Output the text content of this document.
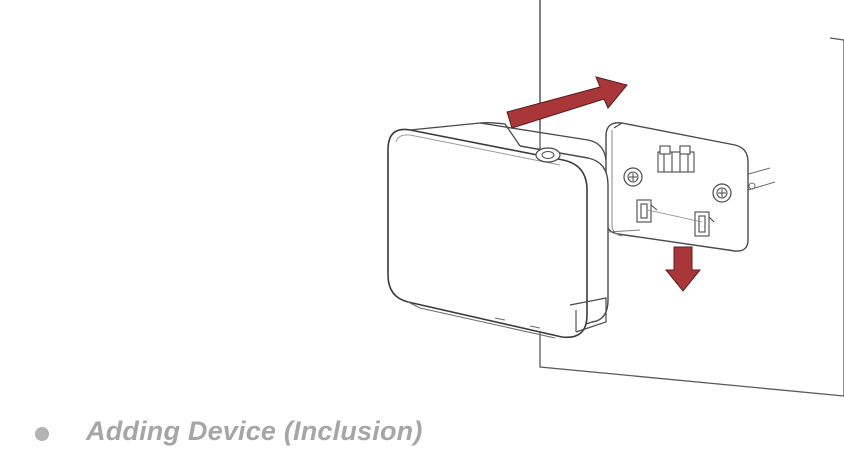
Adding Device (Inclusion)
